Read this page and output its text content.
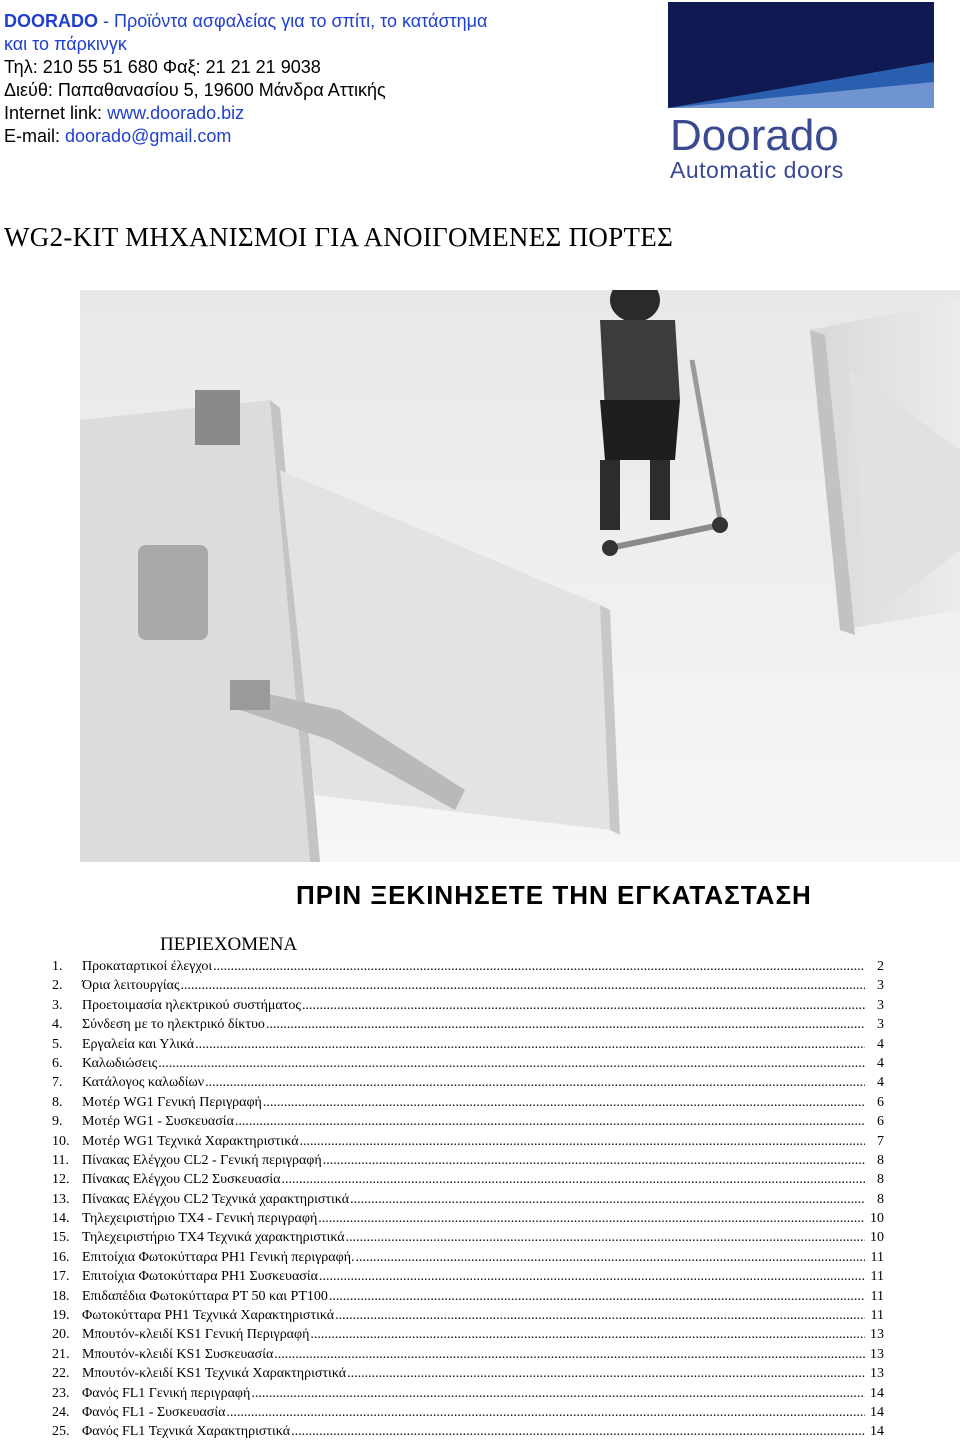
DOORADO - Προϊόντα ασφαλείας για το σπίτι, το κατάστημα
και το πάρκινγκ
Τηλ: 210 55 51 680 Φαξ: 21 21 21 9038
Διεύθ: Παπαθανασίου 5, 19600 Μάνδρα Αττικής
Internet link: www.doorado.biz
E-mail: doorado@gmail.com	Doorado
Automatic doors
WG2-KIT ΜΗΧΑΝΙΣΜΟΙ ΓΙΑ ΑΝΟΙΓΟΜΕΝΕΣ ΠΟΡΤΕΣ
ΠΡΙΝ ΞΕΚΙΝΗΣΕΤΕ ΤΗΝ ΕΓΚΑΤΑΣΤΑΣΗ
ΠΕΡΙΕΧΟΜΕΝΑ
1.	Προκαταρτικοί έλεγχοι .....	2
2.	Όρια λειτουργίας .....	3
3.	Προετοιμασία ηλεκτρικού συστήματος .....	3
4.	Σύνδεση με το ηλεκτρικό δίκτυο .....	3
5.	Εργαλεία και Υλικά .....	4
6.	Καλωδιώσεις .....	4
7.	Κατάλογος καλωδίων .....	4
8.	Μοτέρ WG1 Γενική Περιγραφή .....	6
9.	Μοτέρ WG1 - Συσκευασία .....	6
10. Μοτέρ WG1 Τεχνικά Χαρακτηριστικά .....	7
11. Πίνακας Ελέγχου CL2 - Γενική περιγραφή .....	8
12. Πίνακας Ελέγχου CL2 Συσκευασία .....	8
13. Πίνακας Ελέγχου CL2 Τεχνικά χαρακτηριστικά .....	8
14. Τηλεχειριστήριο TX4 - Γενική περιγραφή .....	10
15. Τηλεχειριστήριο TX4 Τεχνικά χαρακτηριστικά .....	10
16. Επιτοίχια Φωτοκύτταρα PH1 Γενική περιγραφή. .....	11
17. Επιτοίχια Φωτοκύτταρα PH1 Συσκευασία .....	11
18. Επιδαπέδια Φωτοκύτταρα PT 50 και PT100 .....	11
19. Φωτοκύτταρα PH1 Τεχνικά Χαρακτηριστικά .....	11
20. Μπουτόν-κλειδί KS1 Γενική Περιγραφή .....	13
21. Μπουτόν-κλειδί KS1 Συσκευασία .....	13
22. Μπουτόν-κλειδί KS1 Τεχνικά Χαρακτηριστικά .....	13
23. Φανός FL1 Γενική περιγραφή .....	14
24. Φανός FL1 - Συσκευασία .....	14
25. Φανός FL1 Τεχνικά Χαρακτηριστικά .....	14
